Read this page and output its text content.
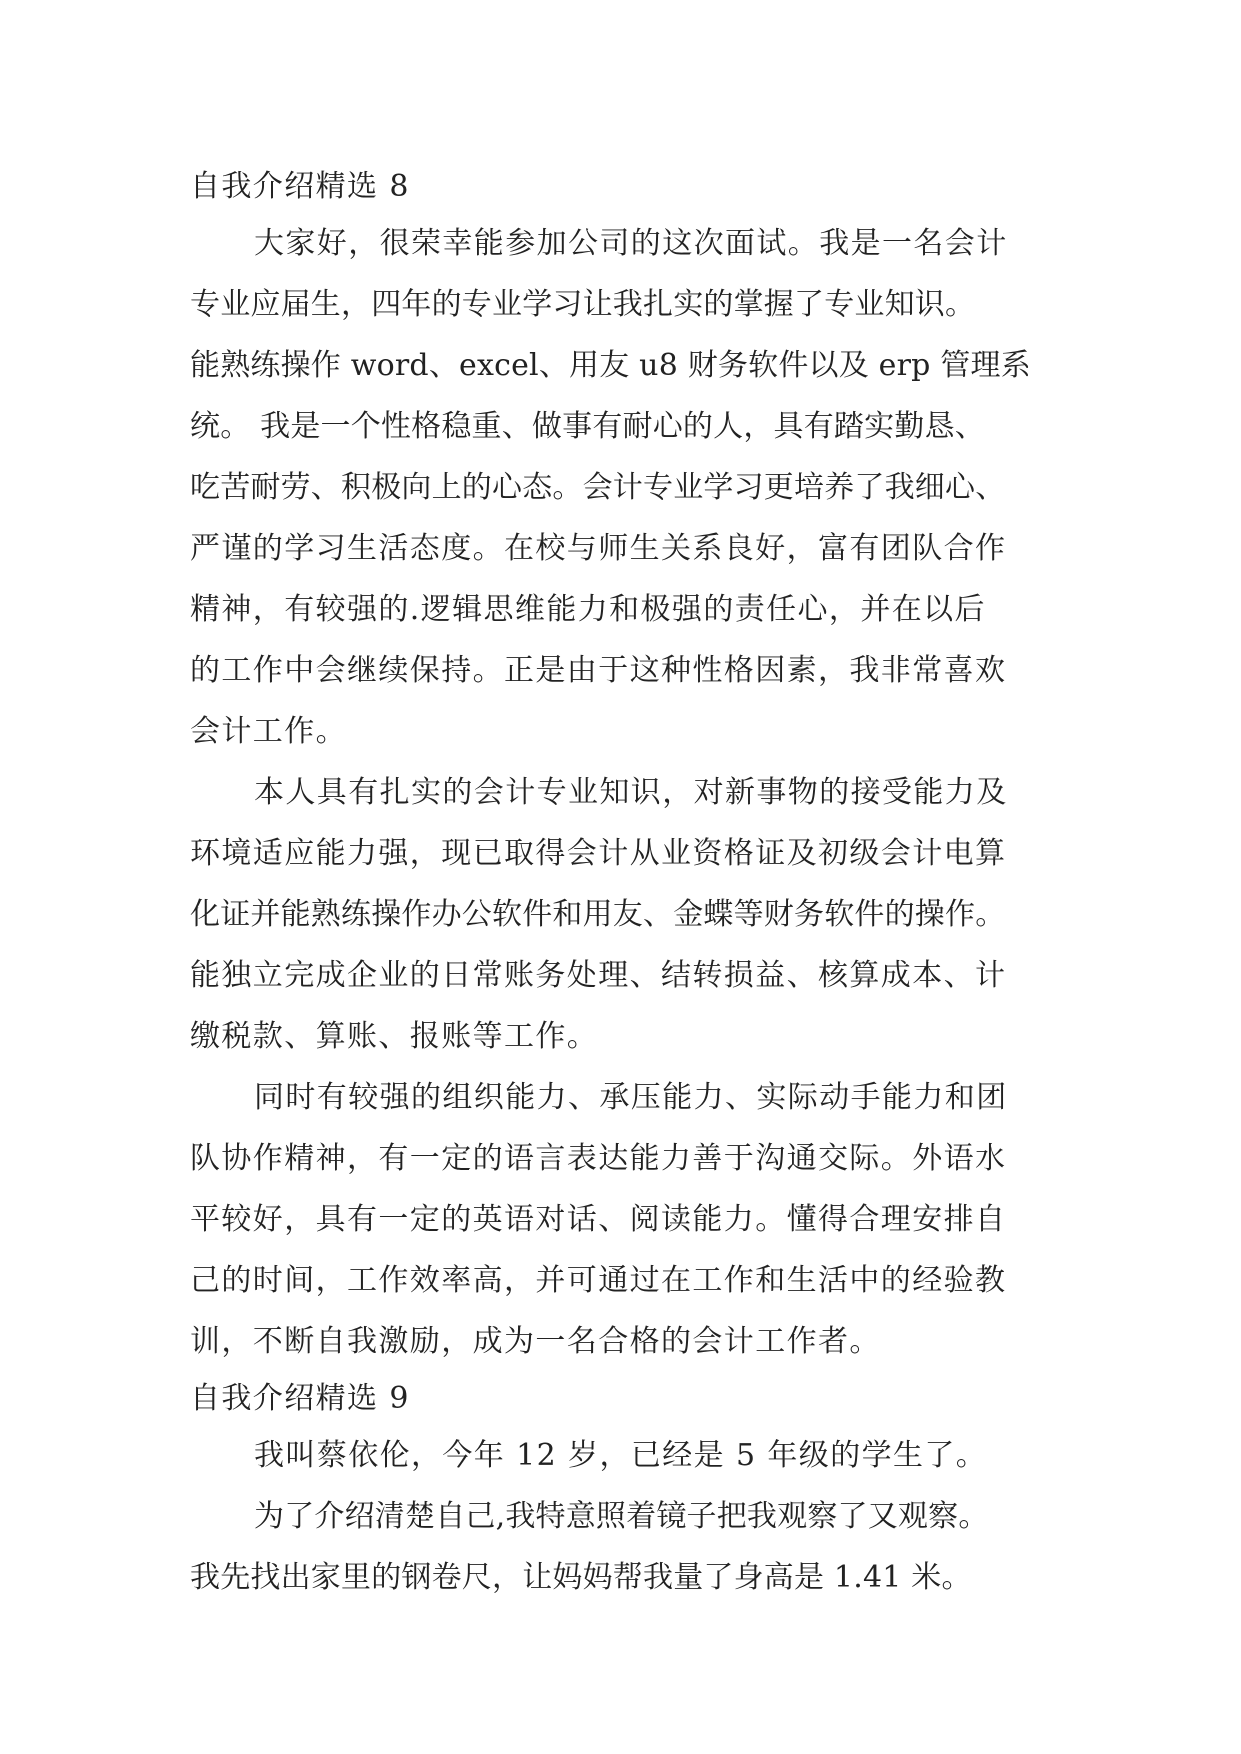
自我介绍精选 8
大家好，很荣幸能参加公司的这次面试。我是一名会计
专业应届生，四年的专业学习让我扎实的掌握了专业知识。
能熟练操作 word、excel、用友 u8 财务软件以及 erp 管理系
统。 我是一个性格稳重、做事有耐心的人，具有踏实勤恳、
吃苦耐劳、积极向上的心态。会计专业学习更培养了我细心、
严谨的学习生活态度。在校与师生关系良好，富有团队合作
精神，有较强的.逻辑思维能力和极强的责任心，并在以后
的工作中会继续保持。正是由于这种性格因素，我非常喜欢
会计工作。
本人具有扎实的会计专业知识，对新事物的接受能力及
环境适应能力强，现已取得会计从业资格证及初级会计电算
化证并能熟练操作办公软件和用友、金蝶等财务软件的操作。
能独立完成企业的日常账务处理、结转损益、核算成本、计
缴税款、算账、报账等工作。
同时有较强的组织能力、承压能力、实际动手能力和团
队协作精神，有一定的语言表达能力善于沟通交际。外语水
平较好，具有一定的英语对话、阅读能力。懂得合理安排自
己的时间，工作效率高，并可通过在工作和生活中的经验教
训，不断自我激励，成为一名合格的会计工作者。
自我介绍精选 9
我叫蔡依伦，今年 12 岁，已经是 5 年级的学生了。
为了介绍清楚自己,我特意照着镜子把我观察了又观察。
我先找出家里的钢卷尺，让妈妈帮我量了身高是 1.41 米。
